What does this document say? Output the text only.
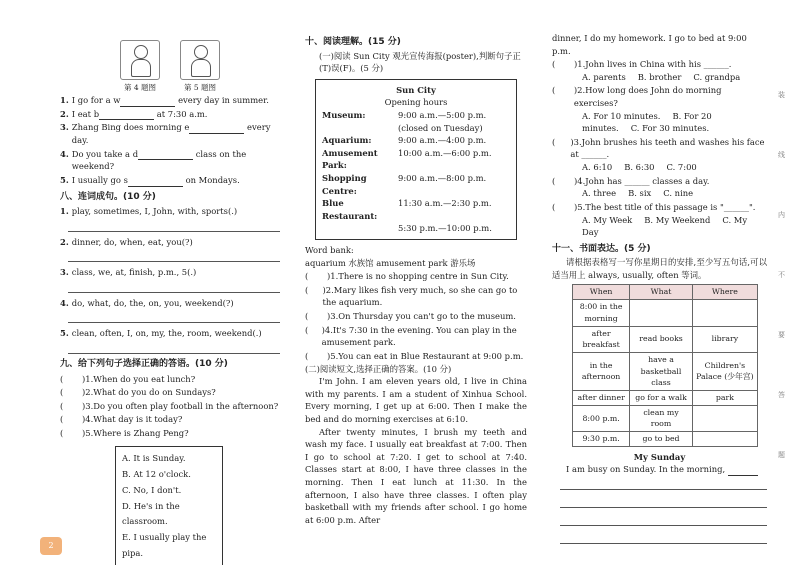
第 4 题图	第 5 题图
1. I go for a w	every day in summer.
2. I eat b	at 7:30 a.m.
3. Zhang Bing does morning e	every day.
4. Do you take a d	class on the weekend?
5. I usually go s	on Mondays.
八、连词成句。(10 分)
1. play, sometimes, I, John, with, sports(.)
2. dinner, do, when, eat, you(?)
3. class, we, at, finish, p.m., 5(.)
4. do, what, do, the, on, you, weekend(?)
5. clean, often, I, on, my, the, room, weekend(.)
九、给下列句子选择正确的答语。(10 分)
(	)1. When do you eat lunch?
(	)2. What do you do on Sundays?
(	)3. Do you often play football in the afternoon?
(	)4. What day is it today?
(	)5. Where is Zhang Peng?
A. It is Sunday.
B. At 12 o'clock.
C. No, I don't.
D. He's in the classroom.
E. I usually play the pipa.
十、阅读理解。(15 分)
(一)阅读 Sun City 观光宣传海报(poster),判断句子正(T)误(F)。(5 分)
Sun City
Opening hours
Museum:	9:00 a.m.—5:00 p.m.
(closed on Tuesday)
Aquarium:	9:00 a.m.—4:00 p.m.
Amusement Park:
10:00 a.m.—6:00 p.m.
Shopping Centre:
9:00 a.m.—8:00 p.m.
Blue Restaurant:
11:30 a.m.—2:30 p.m.
5:30 p.m.—10:00 p.m.
Word bank:
aquarium 水族馆 amusement park 游乐场
(	)1.There is no shopping centre in Sun City.
(	)2.Mary likes fish very much, so she can go to the aquarium.
(	)3.On Thursday you can't go to the museum.
(	)4.It's 7:30 in the evening. You can play in the amusement park.
(	)5.You can eat in Blue Restaurant at 9:00 p.m.
(二)阅读短文,选择正确的答案。(10 分)
I'm John. I am eleven years old, I live in China with my parents. I am a student of Xinhua School. Every morning, I get up at 6:00. Then I make the bed and do morning exercises at 6:10.
After twenty minutes, I brush my teeth and wash my face. I usually eat breakfast at 7:00. Then I go to school at 7:20. I get to school at 7:40. Classes start at 8:00, I have three classes in the morning. Then I eat lunch at 11:30. In the afternoon, I also have three classes. I often play basketball with my friends after school. I go home at 6:00 p.m. After
dinner, I do my homework. I go to bed at 9:00 p.m.
(	)1.John lives in China with his ______.
A. parents B. brother C. grandpa
(	)2.How long does John do morning exercises?
A. For 10 minutes. B. For 20 minutes. C. For 30 minutes.
(	)3.John brushes his teeth and washes his face at ______.
A. 6:10 B. 6:30 C. 7:00
(	)4.John has ______ classes a day.
A. three B. six C. nine
(	)5.The best title of this passage is "______".
A. My Week B. My Weekend C. My Day
十一、书面表达。(5 分)
请根据表格写一写你星期日的安排,至少写五句话,可以适当用上 always, usually, often 等词。
When	What	Where
8:00 in the morning		
after breakfast	read books	library
in the afternoon	have a basketball class	Children's Palace (少年宫)
after dinner	go for a walk	park
8:00 p.m.	clean my room	
9:30 p.m.	go to bed	
My Sunday
I am busy on Sunday. In the morning,
2
装
线
内
不
要
答
题
